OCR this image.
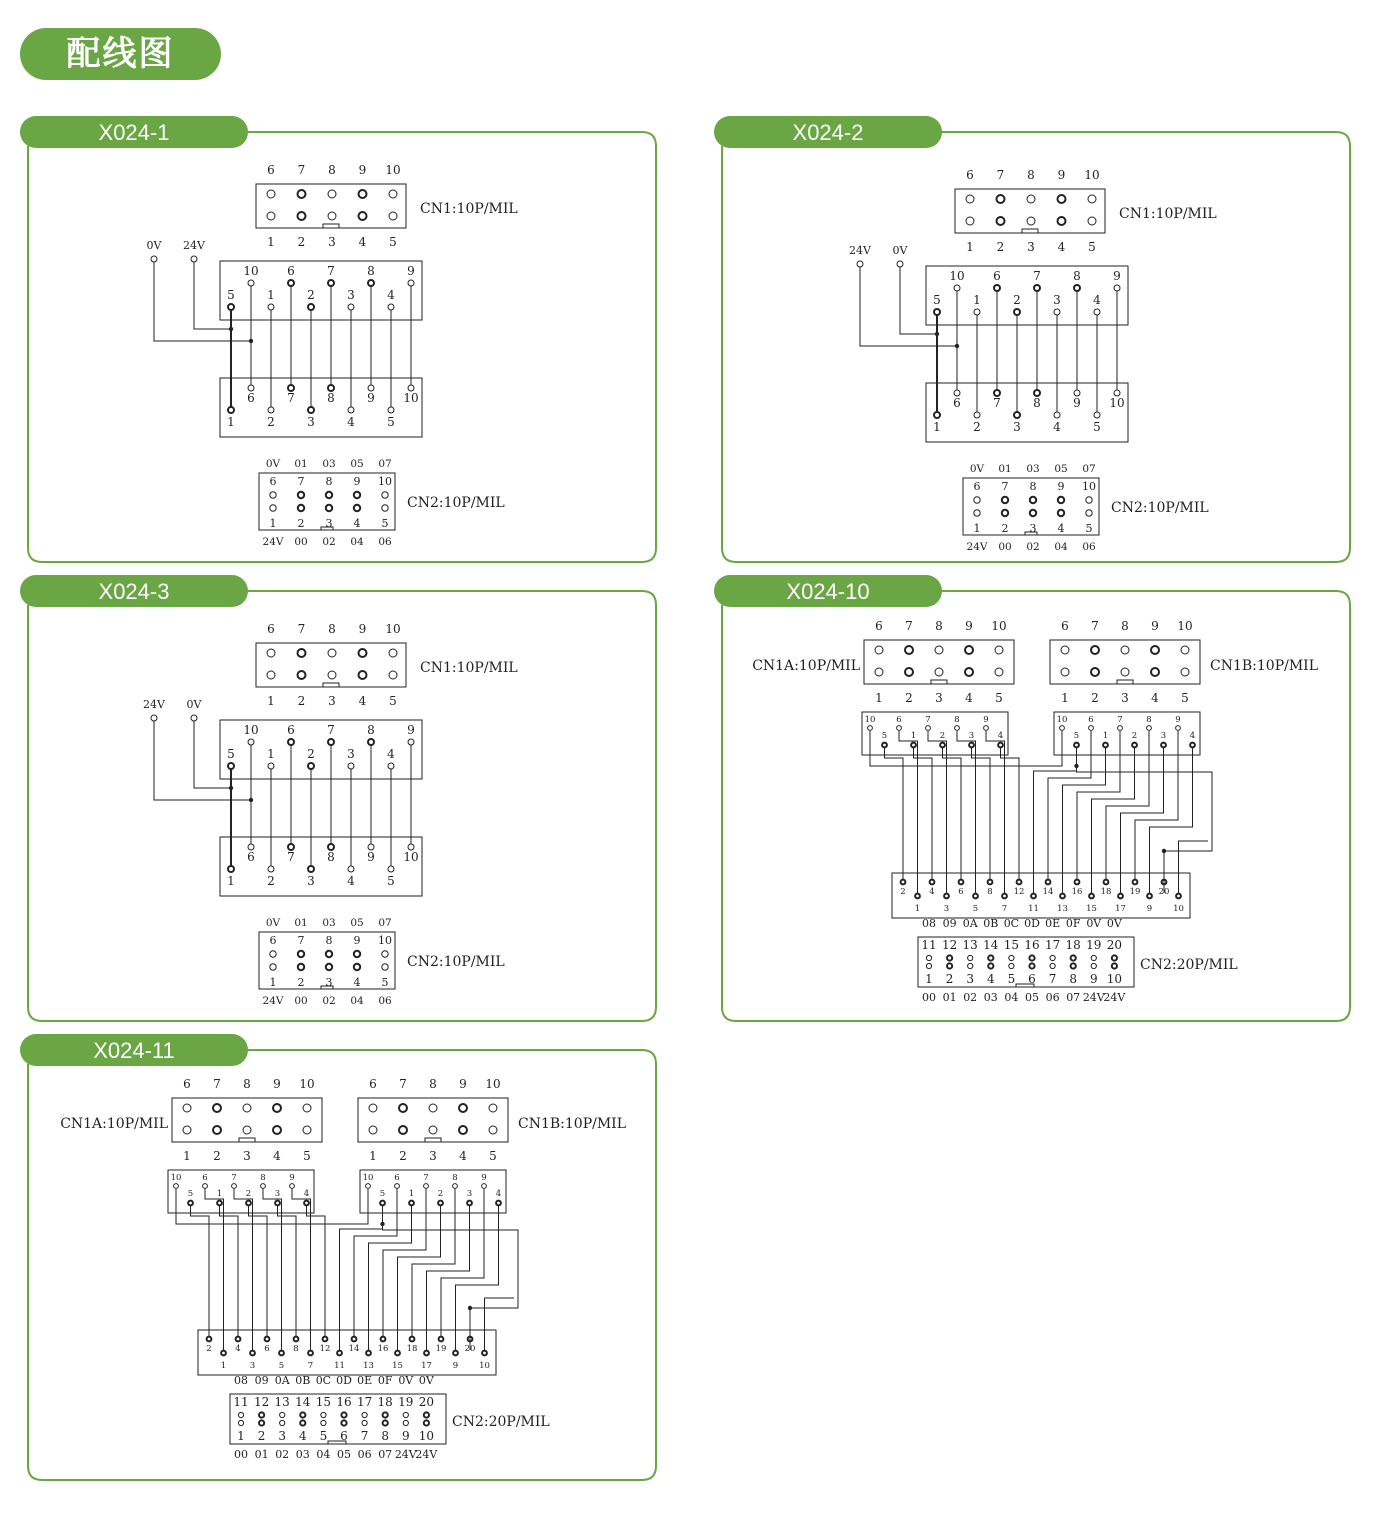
配线图
X024-1
6
1
7
2
8
3
9
4
10
5
CN1:10P/MIL
10
5
6
1
7
2
8
3
9
4
6
1
7
2
8
3
9
4
10
5
0V 24V
0V
24V
6
1
01
00
7
2
03
02
8
3
05
04
9
4
07
06
10
5
CN2:10P/MIL
X024-2
6
1
7
2
8
3
9
4
10
5
CN1:10P/MIL
10
5
6
1
7
2
8
3
9
4
6
1
7
2
8
3
9
4
10
5
24V 0V
0V
24V
6
1
01
00
7
2
03
02
8
3
05
04
9
4
07
06
10
5
CN2:10P/MIL
X024-3
6
1
7
2
8
3
9
4
10
5
CN1:10P/MIL
10
5
6
1
7
2
8
3
9
4
6
1
7
2
8
3
9
4
10
5
24V 0V
0V
24V
6
1
01
00
7
2
03
02
8
3
05
04
9
4
07
06
10
5
CN2:10P/MIL
X024-10
6
1
7
2
8
3
9
4
10
5
6
1
7
2
8
3
9
4
10
5
CN1A:10P/MIL	CN1B:10P/MIL
10
5
6
1
7
2
8
3
9
4
10
5
6
1
7
2
8
3
9
4
2
1
4
3
6
5
8
7
12
11
14
13
16
15
18
17
19
9
20
10
08
00
11
1
09
01
12
2
0A
02
13
3
0B
03
14
4
0C
04
15
5
0D
05
16
6
0E
06
17
7
0F
07
18
8
0V
24V
19
9
0V
24V
20
10
CN2:20P/MIL
X024-11
6
1
7
2
8
3
9
4
10
5
6
1
7
2
8
3
9
4
10
5
CN1A:10P/MIL	CN1B:10P/MIL
10
5
6
1
7
2
8
3
9
4
10
5
6
1
7
2
8
3
9
4
2
1
4
3
6
5
8
7
12
11
14
13
16
15
18
17
19
9
20
10
08
00
11
1
09
01
12
2
0A
02
13
3
0B
03
14
4
0C
04
15
5
0D
05
16
6
0E
06
17
7
0F
07
18
8
0V
24V
19
9
0V
24V
20
10
CN2:20P/MIL
